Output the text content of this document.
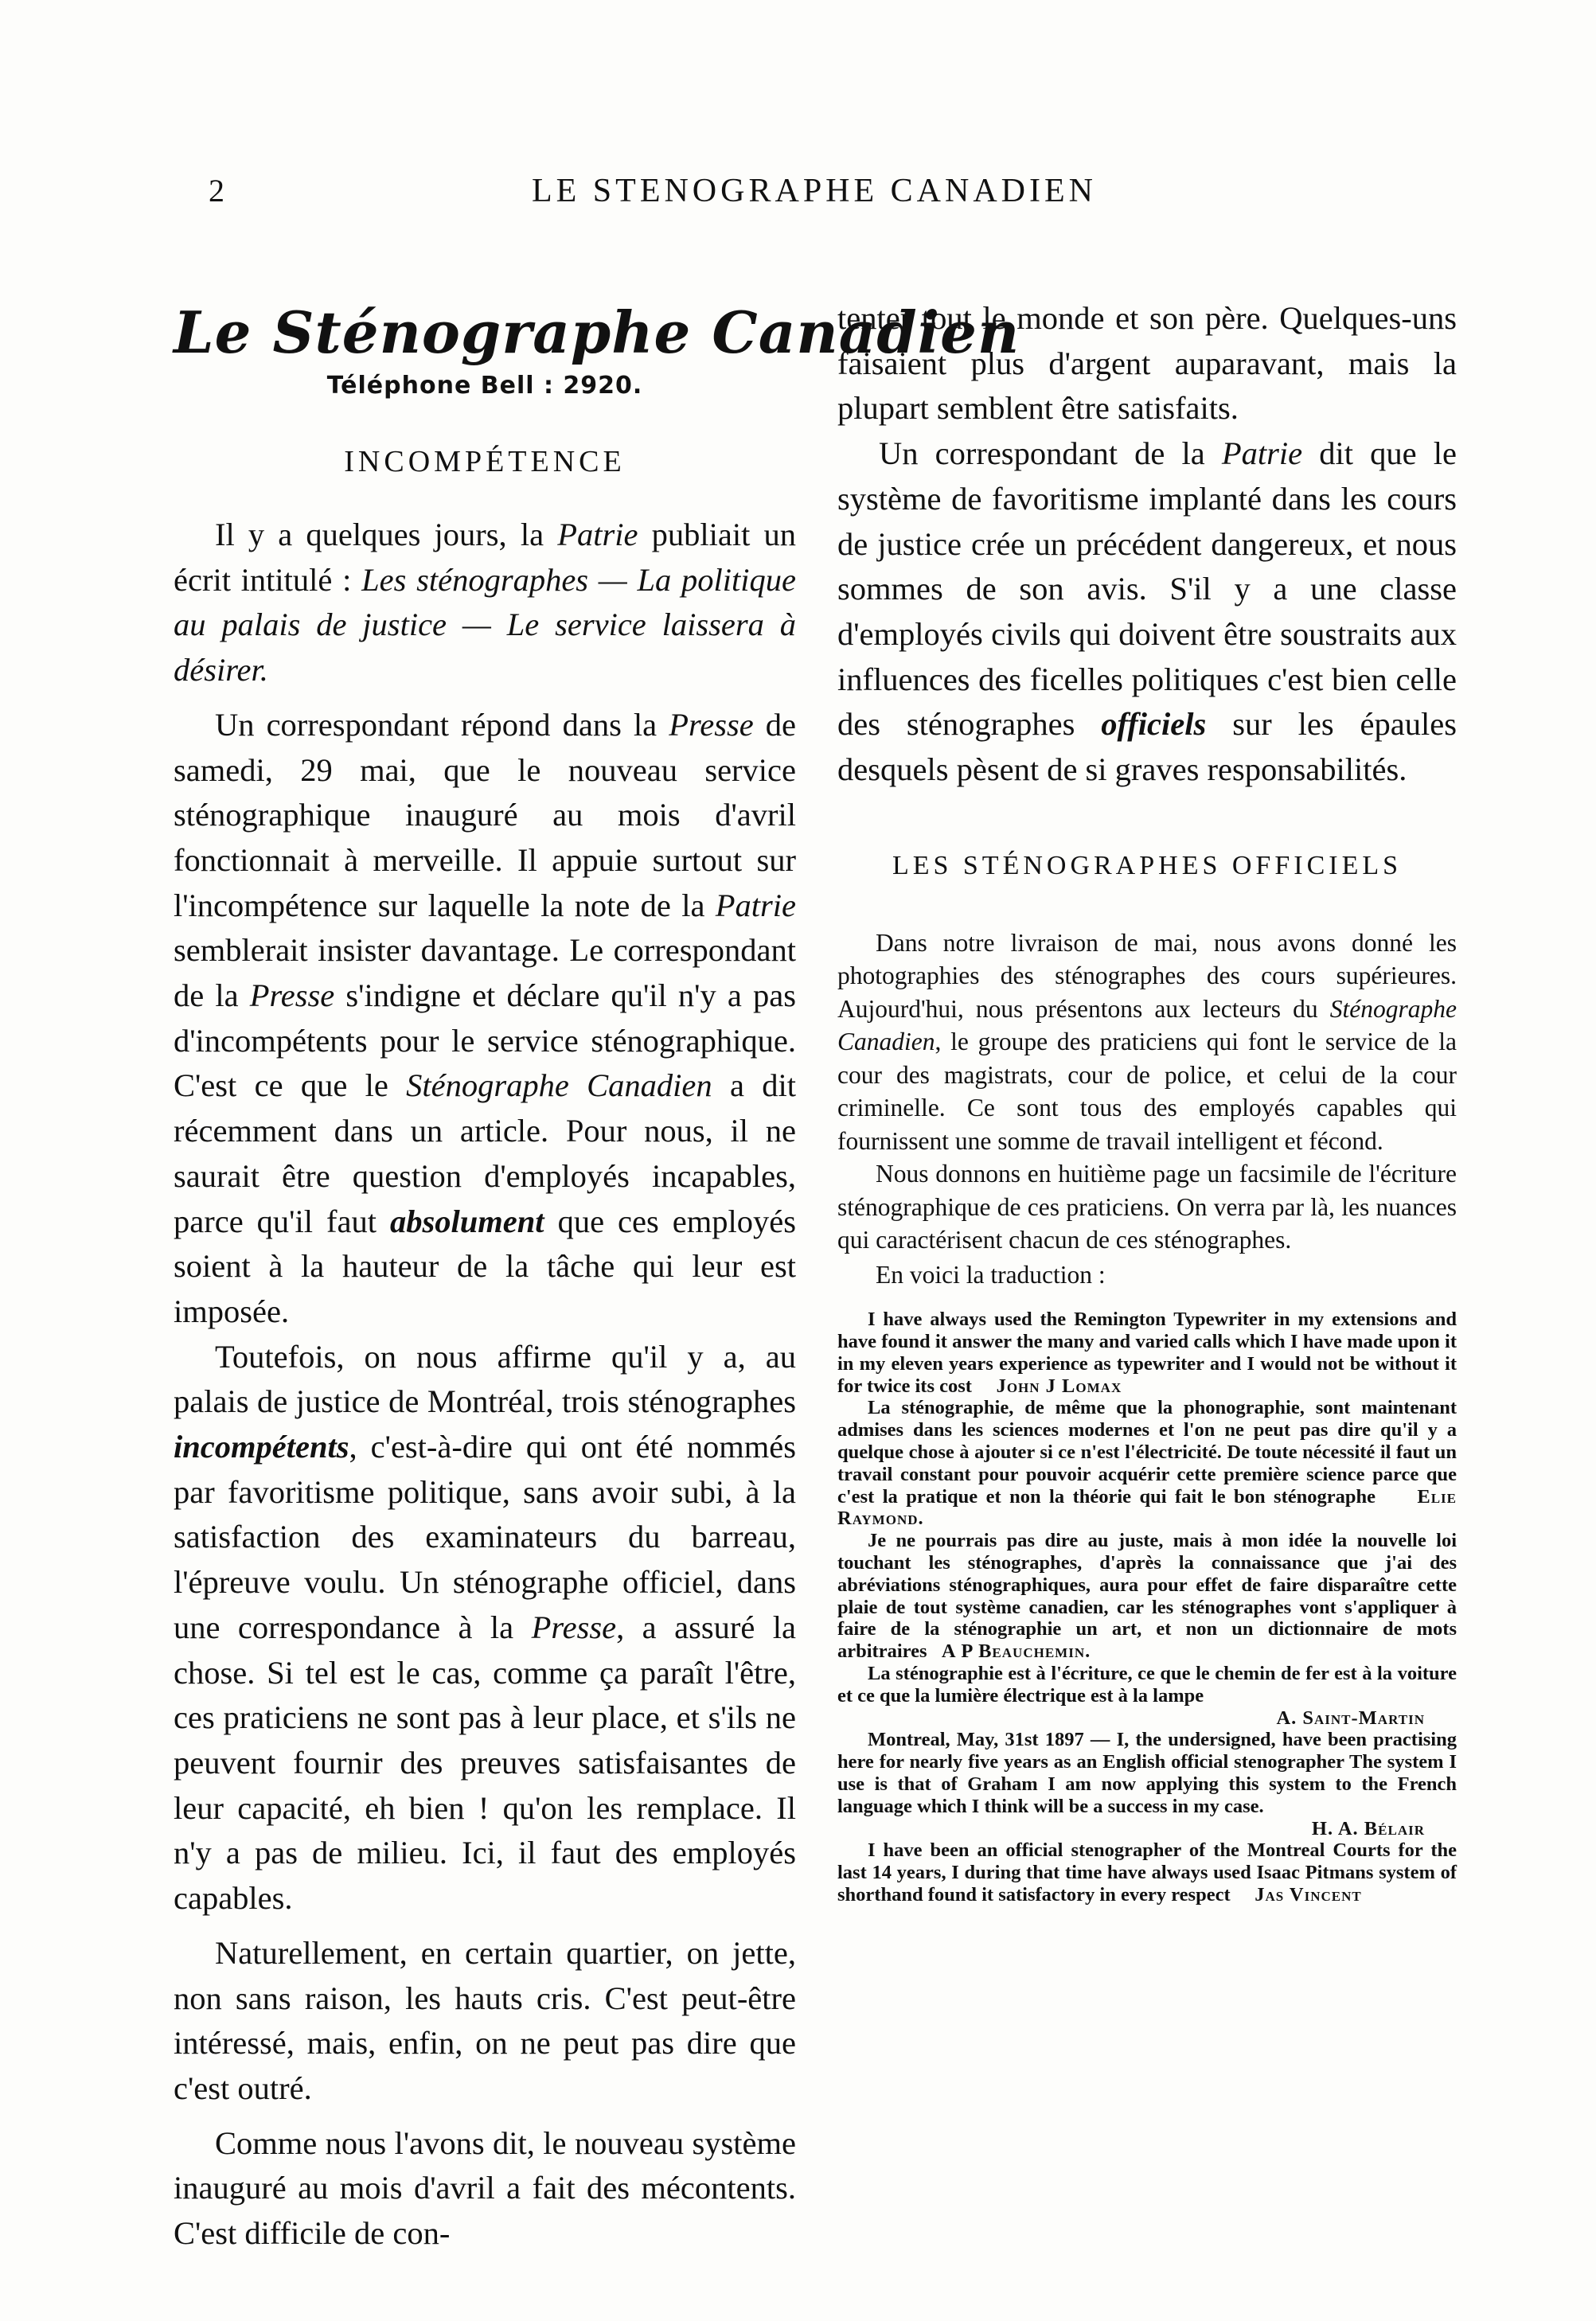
2	LE STENOGRAPHE CANADIEN
Le Sténographe Canadien
Téléphone Bell : 2920.
INCOMPÉTENCE

Il y a quelques jours, la Patrie publiait un écrit intitulé : Les sténographes — La politique au palais de justice — Le service laissera à désirer.

Un correspondant répond dans la Presse de samedi, 29 mai, que le nouveau service sténographique inauguré au mois d'avril fonctionnait à merveille. Il appuie surtout sur l'incompétence sur laquelle la note de la Patrie semblerait insister davantage. Le correspondant de la Presse s'indigne et déclare qu'il n'y a pas d'incompétents pour le service sténographique. C'est ce que le Sténographe Canadien a dit récemment dans un article. Pour nous, il ne saurait être question d'employés incapables, parce qu'il faut absolument que ces employés soient à la hauteur de la tâche qui leur est imposée.

Toutefois, on nous affirme qu'il y a, au palais de justice de Montréal, trois sténographes incompétents, c'est-à-dire qui ont été nommés par favoritisme politique, sans avoir subi, à la satisfaction des examinateurs du barreau, l'épreuve voulu. Un sténographe officiel, dans une correspondance à la Presse, a assuré la chose. Si tel est le cas, comme ça paraît l'être, ces praticiens ne sont pas à leur place, et s'ils ne peuvent fournir des preuves satisfaisantes de leur capacité, eh bien ! qu'on les remplace. Il n'y a pas de milieu. Ici, il faut des employés capables.

Naturellement, en certain quartier, on jette, non sans raison, les hauts cris. C'est peut-être intéressé, mais, enfin, on ne peut pas dire que c'est outré.

Comme nous l'avons dit, le nouveau système inauguré au mois d'avril a fait des mécontents. C'est difficile de con-

tenter tout le monde et son père. Quelques-uns faisaient plus d'argent auparavant, mais la plupart semblent être satisfaits.

Un correspondant de la Patrie dit que le système de favoritisme implanté dans les cours de justice crée un précédent dangereux, et nous sommes de son avis. S'il y a une classe d'employés civils qui doivent être soustraits aux influences des ficelles politiques c'est bien celle des sténographes officiels sur les épaules desquels pèsent de si graves responsabilités.

LES STÉNOGRAPHES OFFICIELS

Dans notre livraison de mai, nous avons donné les photographies des sténographes des cours supérieures. Aujourd'hui, nous présentons aux lecteurs du Sténographe Canadien, le groupe des praticiens qui font le service de la cour des magistrats, cour de police, et celui de la cour criminelle. Ce sont tous des employés capables qui fournissent une somme de travail intelligent et fécond.

Nous donnons en huitième page un facsimile de l'écriture sténographique de ces praticiens. On verra par là, les nuances qui caractérisent chacun de ces sténographes.

En voici la traduction :

I have always used the Remington Typewriter in my extensions and have found it answer the many and varied calls which I have made upon it in my eleven years experience as typewriter and I would not be without it for twice its cost John J Lomax

La sténographie, de même que la phonographie, sont maintenant admises dans les sciences modernes et l'on ne peut pas dire qu'il y a quelque chose à ajouter si ce n'est l'électricité. De toute nécessité il faut un travail constant pour pouvoir acquérir cette première science parce que c'est la pratique et non la théorie qui fait le bon sténographe Elie Raymond.

Je ne pourrais pas dire au juste, mais à mon idée la nouvelle loi touchant les sténographes, d'après la connaissance que j'ai des abréviations sténographiques, aura pour effet de faire disparaître cette plaie de tout système canadien, car les sténographes vont s'appliquer à faire de la sténographie un art, et non un dictionnaire de mots arbitraires A P Beauchemin.

La sténographie est à l'écriture, ce que le chemin de fer est à la voiture et ce que la lumière électrique est à la lampe
A. Saint-Martin

Montreal, May, 31st 1897 — I, the undersigned, have been practising here for nearly five years as an English official stenographer The system I use is that of Graham I am now applying this system to the French language which I think will be a success in my case.
H. A. Bélair

I have been an official stenographer of the Montreal Courts for the last 14 years, I during that time have always used Isaac Pitmans system of shorthand found it satisfactory in every respect Jas Vincent
